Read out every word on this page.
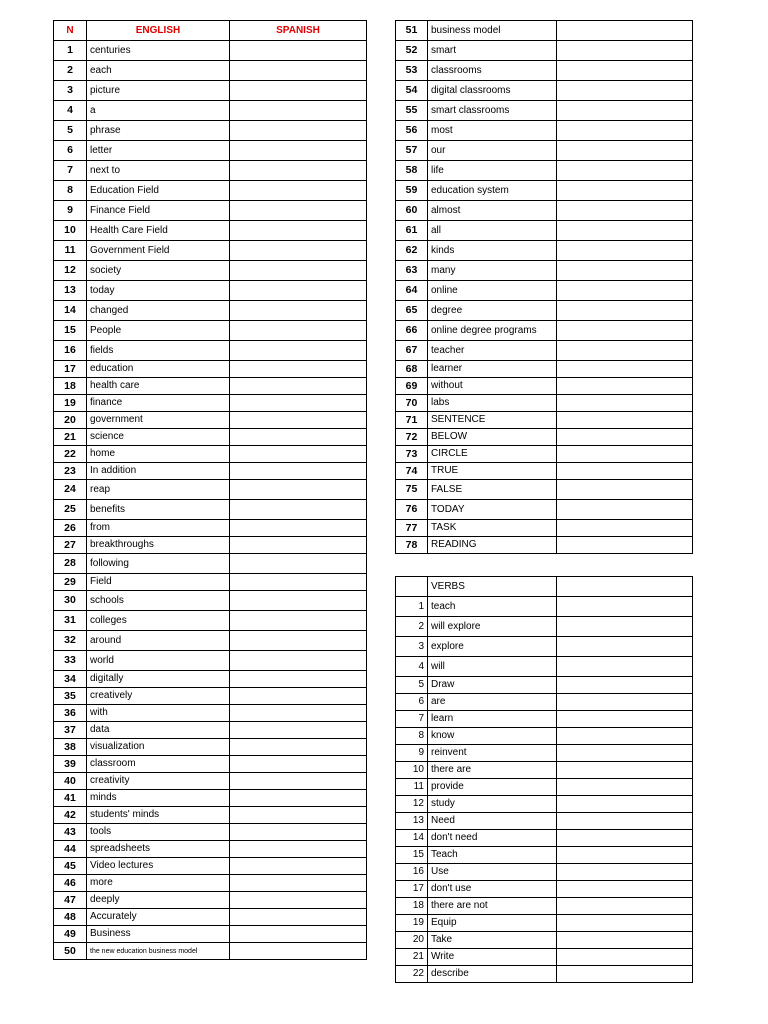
N	ENGLISH	SPANISH
1	centuries	
2	each	
3	picture	
4	a	
5	phrase	
6	letter	
7	next to	
8	Education Field	
9	Finance Field	
10	Health Care Field	
11	Government Field	
12	society	
13	today	
14	changed	
15	People	
16	fields	
17	education	
18	health care	
19	finance	
20	government	
21	science	
22	home	
23	In addition	
24	reap	
25	benefits	
26	from	
27	breakthroughs	
28	following	
29	Field	
30	schools	
31	colleges	
32	around	
33	world	
34	digitally	
35	creatively	
36	with	
37	data	
38	visualization	
39	classroom	
40	creativity	
41	minds	
42	students' minds	
43	tools	
44	spreadsheets	
45	Video lectures	
46	more	
47	deeply	
48	Accurately	
49	Business	
50	the new education business model	
51	business model	
52	smart	
53	classrooms	
54	digital classrooms	
55	smart classrooms	
56	most	
57	our	
58	life	
59	education system	
60	almost	
61	all	
62	kinds	
63	many	
64	online	
65	degree	
66	online degree programs	
67	teacher	
68	learner	
69	without	
70	labs	
71	SENTENCE	
72	BELOW	
73	CIRCLE	
74	TRUE	
75	FALSE	
76	TODAY	
77	TASK	
78	READING	
	VERBS	
1	teach	
2	will explore	
3	explore	
4	will	
5	Draw	
6	are	
7	learn	
8	know	
9	reinvent	
10	there are	
11	provide	
12	study	
13	Need	
14	don't need	
15	Teach	
16	Use	
17	don't use	
18	there are not	
19	Equip	
20	Take	
21	Write	
22	describe	
